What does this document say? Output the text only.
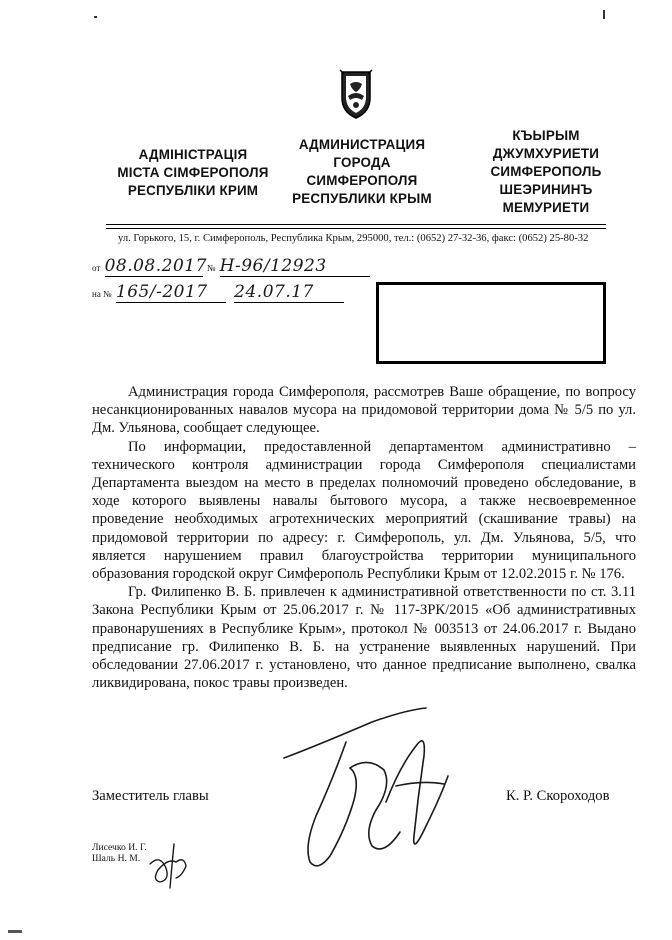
АДМІНІСТРАЦІЯ
МІСТА СІМФЕРОПОЛЯ
РЕСПУБЛІКИ КРИМ
АДМИНИСТРАЦИЯ
ГОРОДА
СИМФЕРОПОЛЯ
РЕСПУБЛИКИ КРЫМ
КЪЫРЫМ
ДЖУМХУРИЕТИ
СИМФЕРОПОЛЬ
ШЕЭРИНИНЪ
МЕМУРИЕТИ
ул. Горького, 15, г. Симферополь, Республика Крым, 295000, тел.: (0652) 27-32-36, факс: (0652) 25-80-32
от 08.08.2017 № Н-96/12923
на № 165/-2017 24.07.17

Администрация города Симферополя, рассмотрев Ваше обращение, по вопросу несанкционированных навалов мусора на придомовой территории дома № 5/5 по ул. Дм. Ульянова, сообщает следующее.

По информации, предоставленной департаментом административно – технического контроля администрации города Симферополя специалистами Департамента выездом на место в пределах полномочий проведено обследование, в ходе которого выявлены навалы бытового мусора, а также несвоевременное проведение необходимых агротехнических мероприятий (скашивание травы) на придомовой территории по адресу: г. Симферополь, ул. Дм. Ульянова, 5/5, что является нарушением правил благоустройства территории муниципального образования городской округ Симферополь Республики Крым от 12.02.2015 г. № 176.

Гр. Филипенко В. Б. привлечен к административной ответственности по ст. 3.11 Закона Республики Крым от 25.06.2017 г. № 117-ЗРК/2015 «Об административных правонарушениях в Республике Крым», протокол № 003513 от 24.06.2017 г. Выдано предписание гр. Филипенко В. Б. на устранение выявленных нарушений. При обследовании 27.06.2017 г. установлено, что данное предписание выполнено, свалка ликвидирована, покос травы произведен.

Заместитель главы	К. Р. Скороходов
Лисечко И. Г.
Шаль Н. М.
